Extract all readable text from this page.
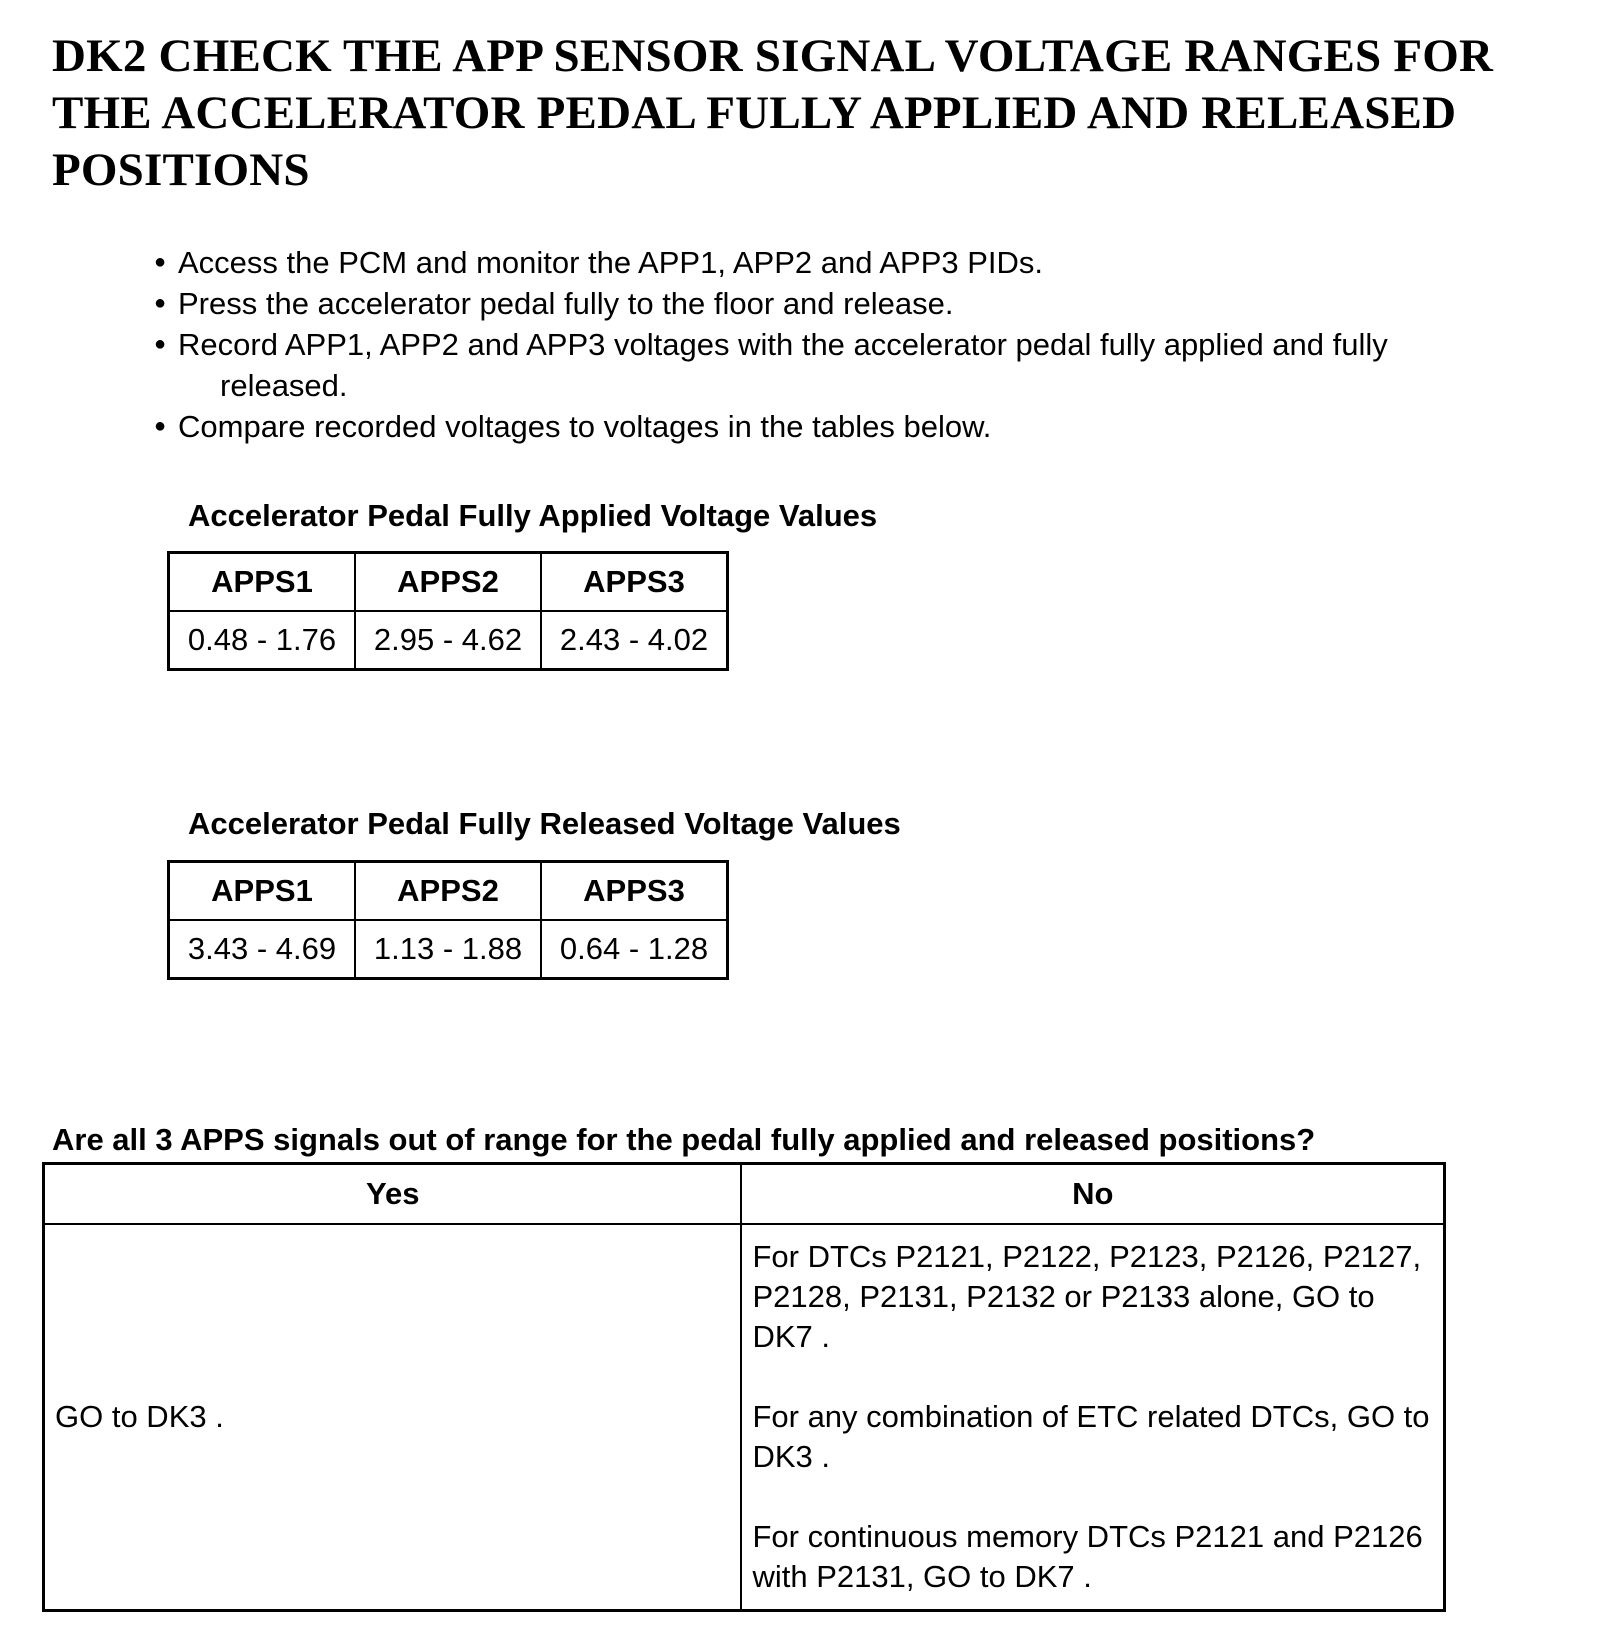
DK2 CHECK THE APP SENSOR SIGNAL VOLTAGE RANGES FOR THE ACCELERATOR PEDAL FULLY APPLIED AND RELEASED POSITIONS
● Access the PCM and monitor the APP1, APP2 and APP3 PIDs.
● Press the accelerator pedal fully to the floor and release.
● Record APP1, APP2 and APP3 voltages with the accelerator pedal fully applied and fully
released.
● Compare recorded voltages to voltages in the tables below.

Accelerator Pedal Fully Applied Voltage Values

APPS1	APPS2	APPS3
0.48 - 1.76	2.95 - 4.62	2.43 - 4.02

Accelerator Pedal Fully Released Voltage Values

APPS1	APPS2	APPS3
3.43 - 4.69	1.13 - 1.88	0.64 - 1.28

Are all 3 APPS signals out of range for the pedal fully applied and released positions?

Yes	No
GO to DK3 .	For DTCs P2121, P2122, P2123, P2126, P2127, P2128, P2131, P2132 or P2133 alone, GO to DK7 .

For any combination of ETC related DTCs, GO to DK3 .

For continuous memory DTCs P2121 and P2126 with P2131, GO to DK7 .
